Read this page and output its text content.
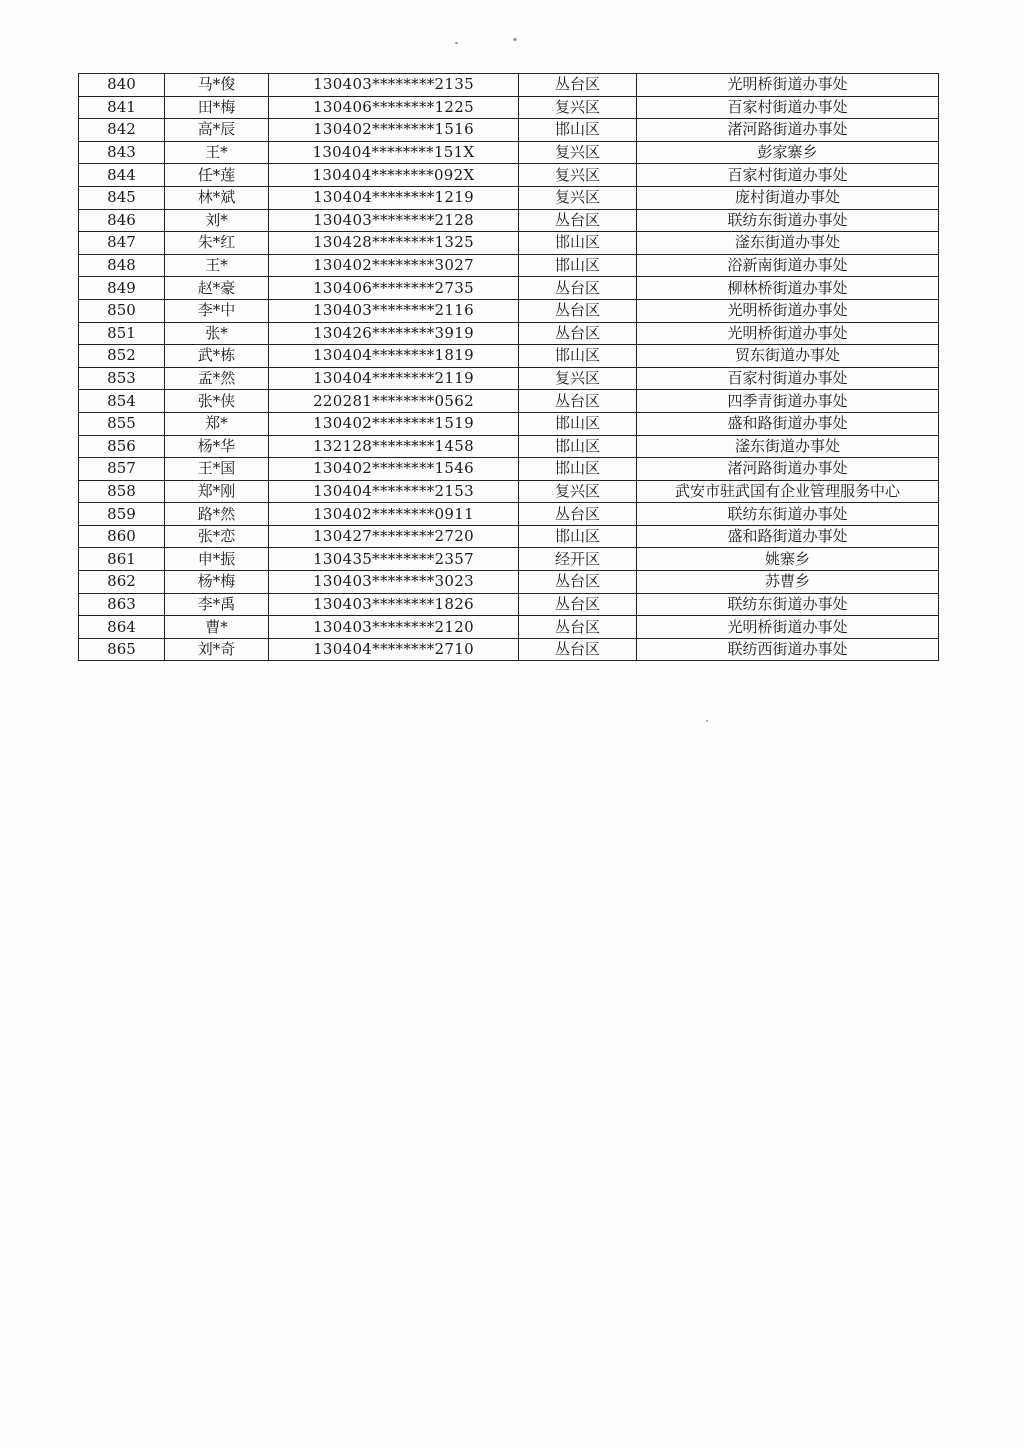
840	马*俊	130403********2135	丛台区	光明桥街道办事处
841	田*梅	130406********1225	复兴区	百家村街道办事处
842	高*辰	130402********1516	邯山区	渚河路街道办事处
843	王*	130404********151X	复兴区	彭家寨乡
844	任*莲	130404********092X	复兴区	百家村街道办事处
845	林*斌	130404********1219	复兴区	庞村街道办事处
846	刘*	130403********2128	丛台区	联纺东街道办事处
847	朱*红	130428********1325	邯山区	滏东街道办事处
848	王*	130402********3027	邯山区	浴新南街道办事处
849	赵*豪	130406********2735	丛台区	柳林桥街道办事处
850	李*中	130403********2116	丛台区	光明桥街道办事处
851	张*	130426********3919	丛台区	光明桥街道办事处
852	武*栋	130404********1819	邯山区	贸东街道办事处
853	孟*然	130404********2119	复兴区	百家村街道办事处
854	张*侠	220281********0562	丛台区	四季青街道办事处
855	郑*	130402********1519	邯山区	盛和路街道办事处
856	杨*华	132128********1458	邯山区	滏东街道办事处
857	王*国	130402********1546	邯山区	渚河路街道办事处
858	郑*刚	130404********2153	复兴区	武安市驻武国有企业管理服务中心
859	路*然	130402********0911	丛台区	联纺东街道办事处
860	张*恋	130427********2720	邯山区	盛和路街道办事处
861	申*振	130435********2357	经开区	姚寨乡
862	杨*梅	130403********3023	丛台区	苏曹乡
863	李*禹	130403********1826	丛台区	联纺东街道办事处
864	曹*	130403********2120	丛台区	光明桥街道办事处
865	刘*奇	130404********2710	丛台区	联纺西街道办事处
